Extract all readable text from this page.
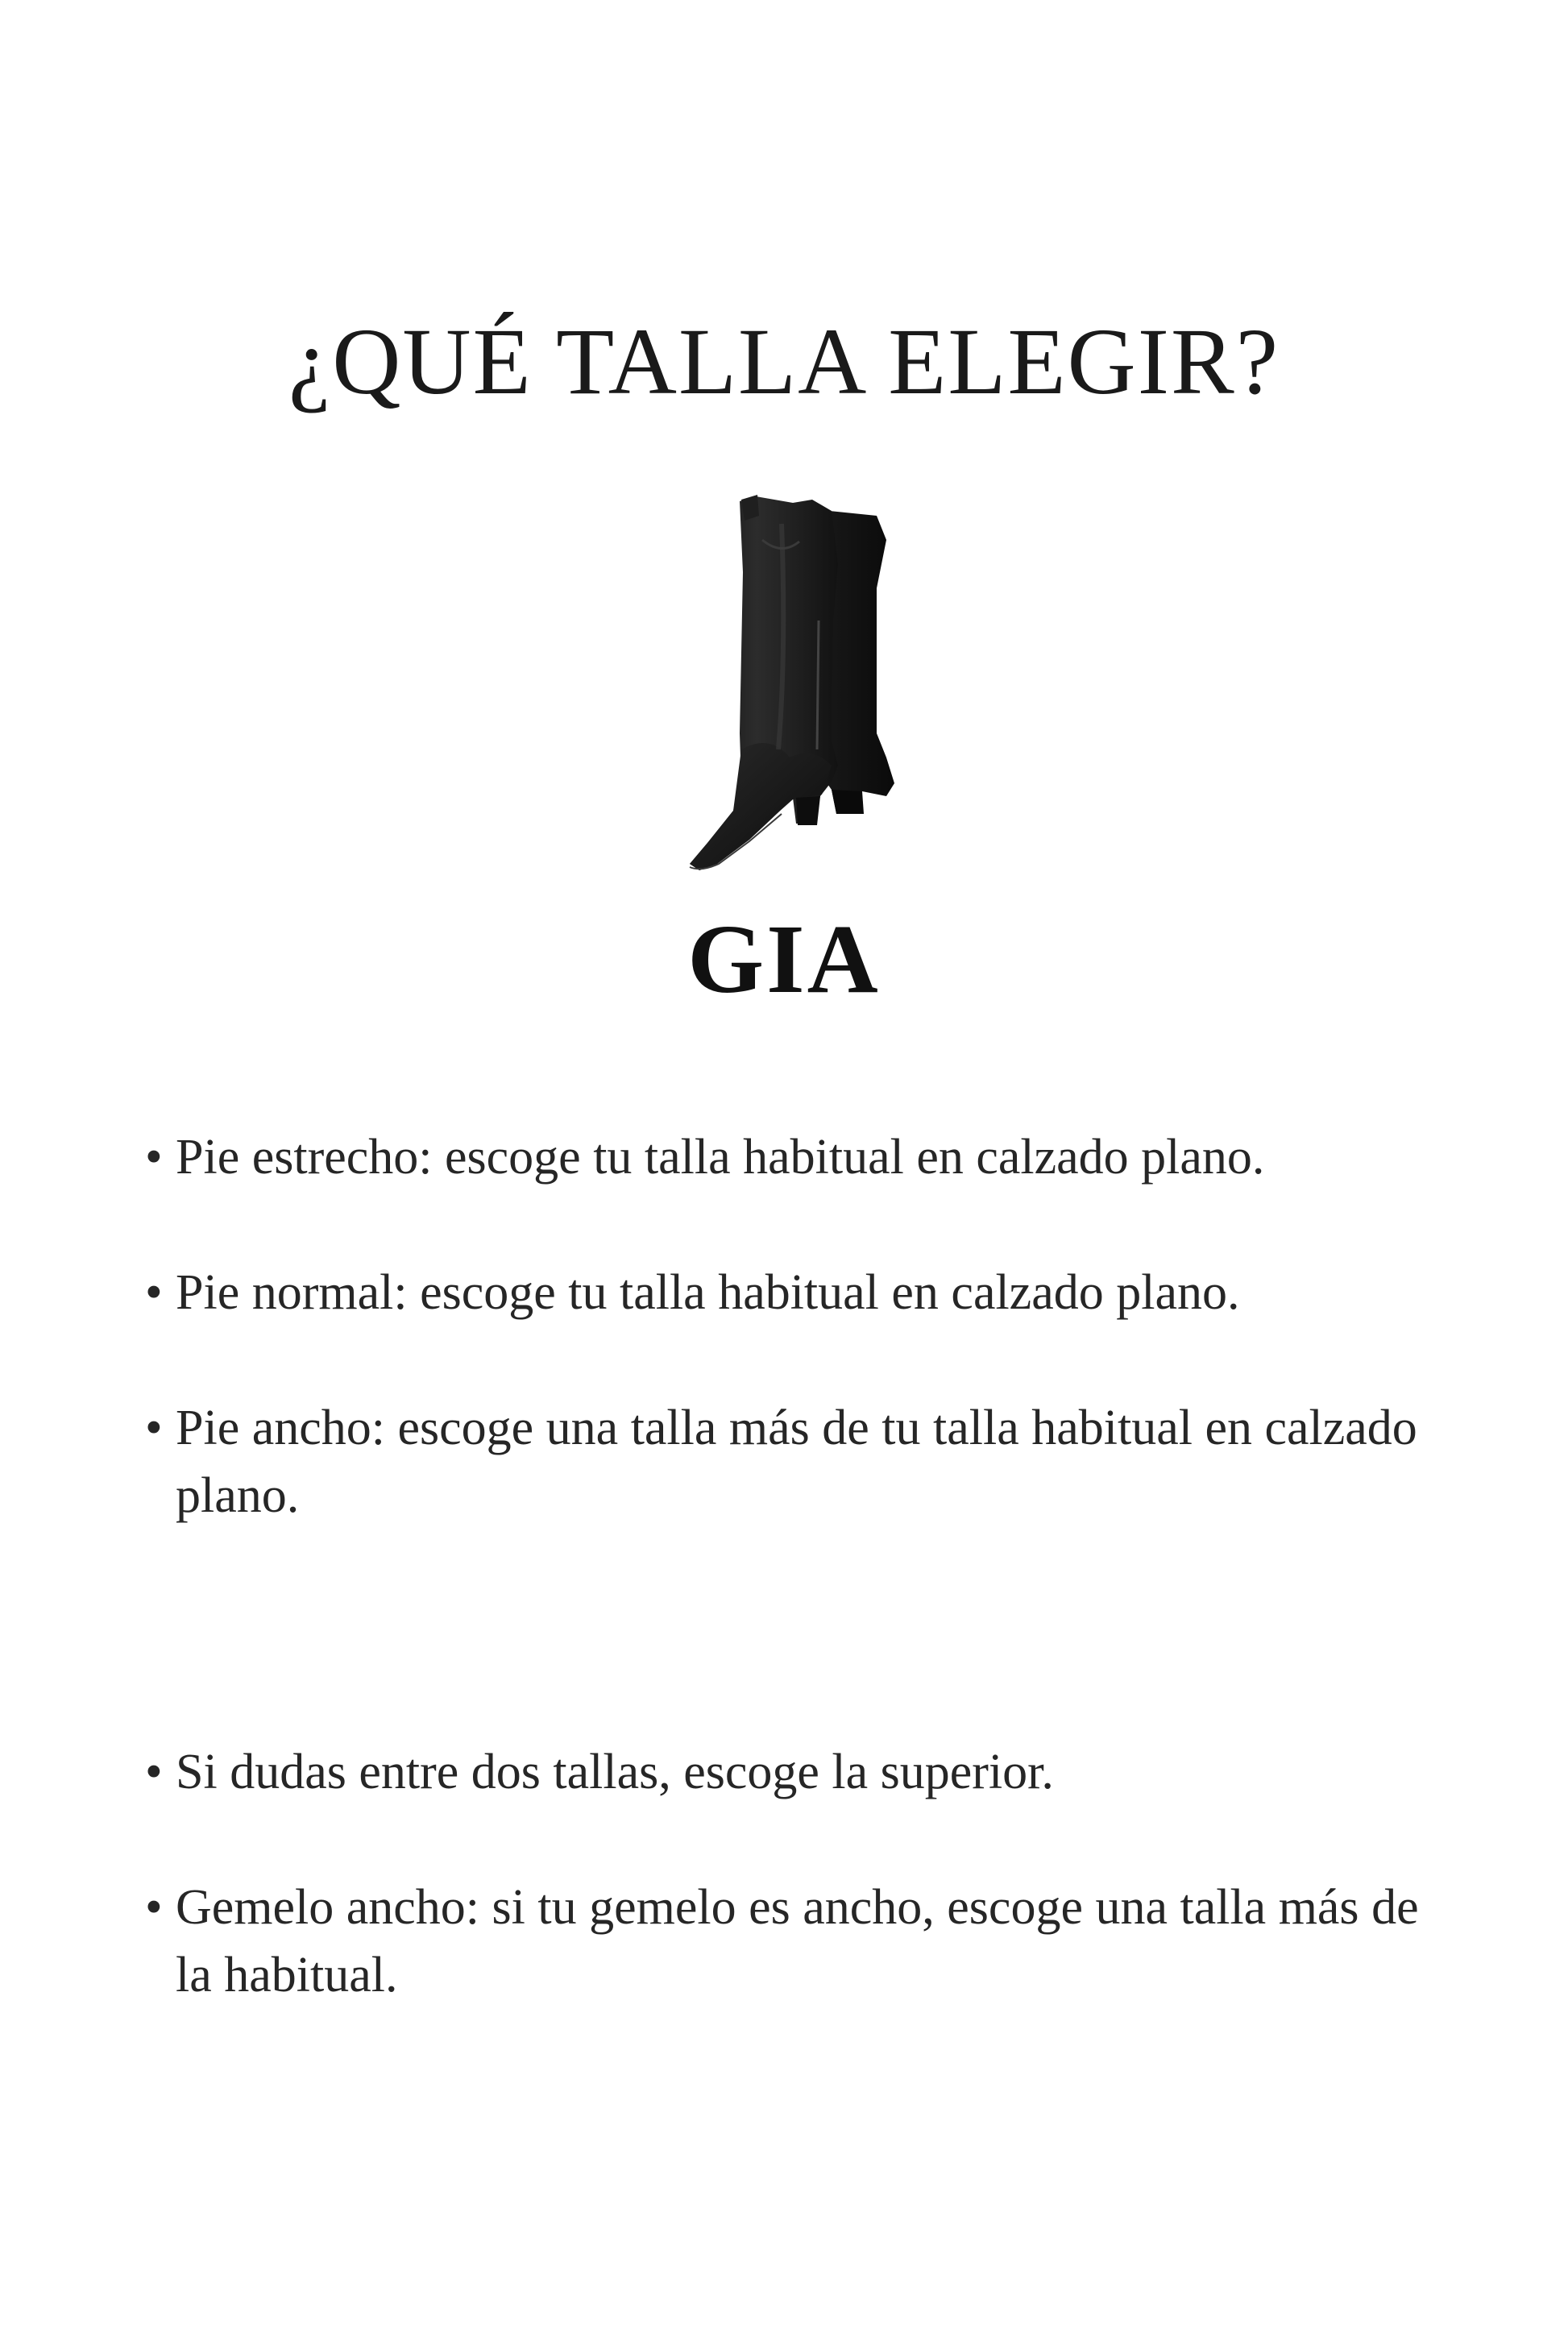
¿QUÉ TALLA ELEGIR?
GIA
• Pie estrecho: escoge tu talla habitual en calzado plano.
• Pie normal: escoge tu talla habitual en calzado plano.
• Pie ancho: escoge una talla más de tu talla habitual en calzado plano.
• Si dudas entre dos tallas, escoge la superior.
• Gemelo ancho: si tu gemelo es ancho, escoge una talla más de la habitual.
